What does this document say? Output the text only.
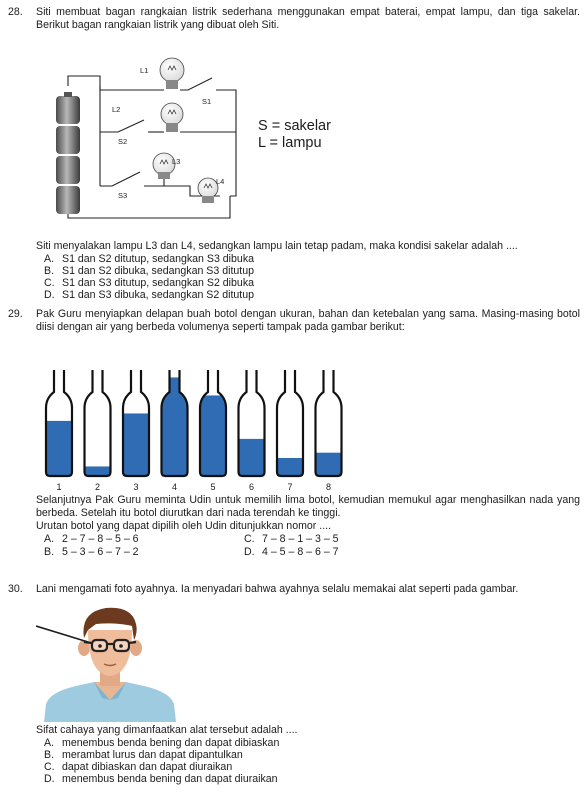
28.	Siti membuat bagan rangkaian listrik sederhana menggunakan empat baterai, empat lampu, dan tiga sakelar. Berikut bagan rangkaian listrik yang dibuat oleh Siti.
L1
L2
L3
L4
S1
S2
S3
S = sakelar
L = lampu
Siti menyalakan lampu L3 dan L4, sedangkan lampu lain tetap padam, maka kondisi sakelar adalah ....
A. S1 dan S2 ditutup, sedangkan S3 dibuka
B. S1 dan S2 dibuka, sedangkan S3 ditutup
C. S1 dan S3 ditutup, sedangkan S2 dibuka
D. S1 dan S3 dibuka, sedangkan S2 ditutup
29.	Pak Guru menyiapkan delapan buah botol dengan ukuran, bahan dan ketebalan yang sama. Masing-masing botol diisi dengan air yang berbeda volumenya seperti tampak pada gambar berikut:
1	2	3	4	5	6	7	8
Selanjutnya Pak Guru meminta Udin untuk memilih lima botol, kemudian memukul agar menghasilkan nada yang berbeda. Setelah itu botol diurutkan dari nada terendah ke tinggi.
Urutan botol yang dapat dipilih oleh Udin ditunjukkan nomor ....
A. 2 – 7 – 8 – 5 – 6	C. 7 – 8 – 1 – 3 – 5
B. 5 – 3 – 6 – 7 – 2	D. 4 – 5 – 8 – 6 – 7
30.	Lani mengamati foto ayahnya. Ia menyadari bahwa ayahnya selalu memakai alat seperti pada gambar.
Sifat cahaya yang dimanfaatkan alat tersebut adalah ....
A. menembus benda bening dan dapat dibiaskan
B. merambat lurus dan dapat dipantulkan
C. dapat dibiaskan dan dapat diuraikan
D. menembus benda bening dan dapat diuraikan
